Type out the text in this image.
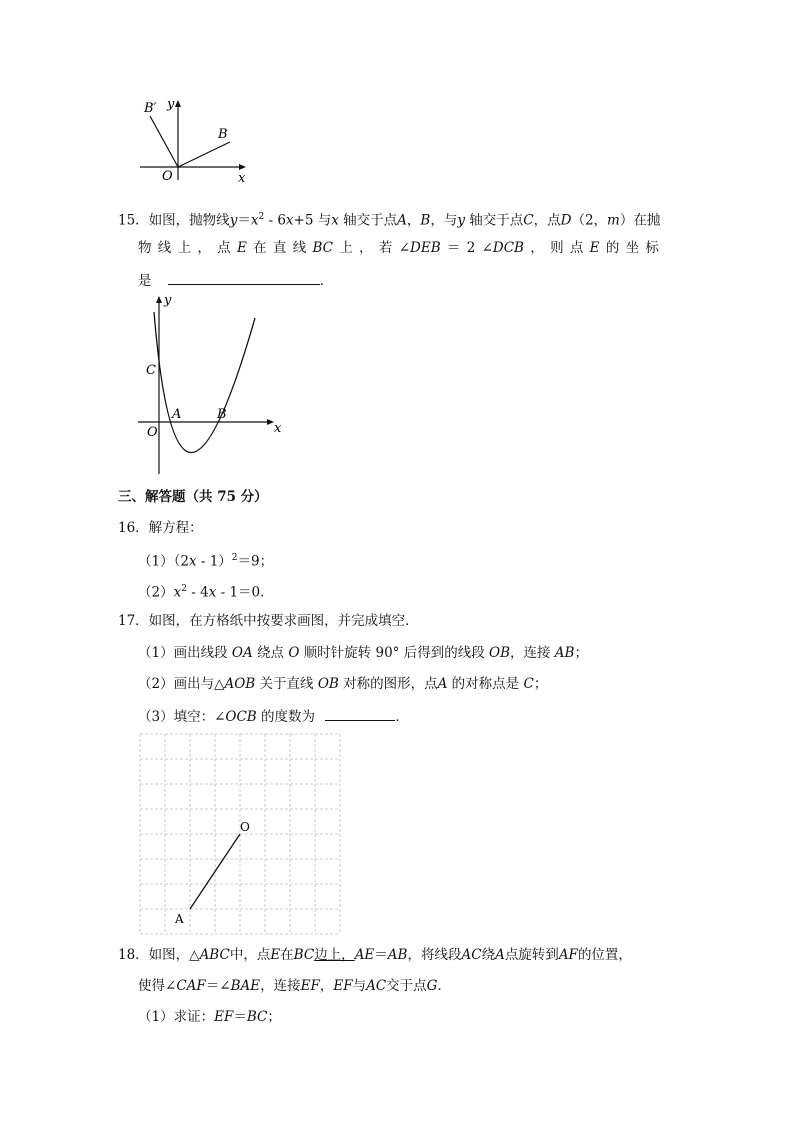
B′ y
B
O	x
15．如图，抛物线$y=x^2 - 6x+5$ 与x 轴交于点A，B，与y 轴交于点C，点D（2，m）在抛
物 线 上 ， 点 E 在 直 线 BC 上 ， 若 ∠DEB ＝ 2 ∠DCB ， 则 点 E 的 坐 标
是	．
y
C
A	B
O	x
三、解答题（共 75 分）
16．解方程：
（1）（2x - 1）$^2$＝9；
$(2)x^2 - 4x - 1=0$．
17．如图，在方格纸中按要求画图，并完成填空．
（1）画出线段 OA 绕点 O 顺时针旋转 90° 后得到的线段 OB，连接 AB；
（2）画出与△AOB 关于直线 OB 对称的图形，点A 的对称点是 C；
（3）填空：∠OCB 的度数为	．
O
A
18．如图，△ABC中，点E在BC边上，AE＝AB，将线段AC绕A点旋转到AF的位置，
使得∠CAF＝∠BAE，连接EF，EF与AC交于点G．
（1）求证：EF＝BC；
